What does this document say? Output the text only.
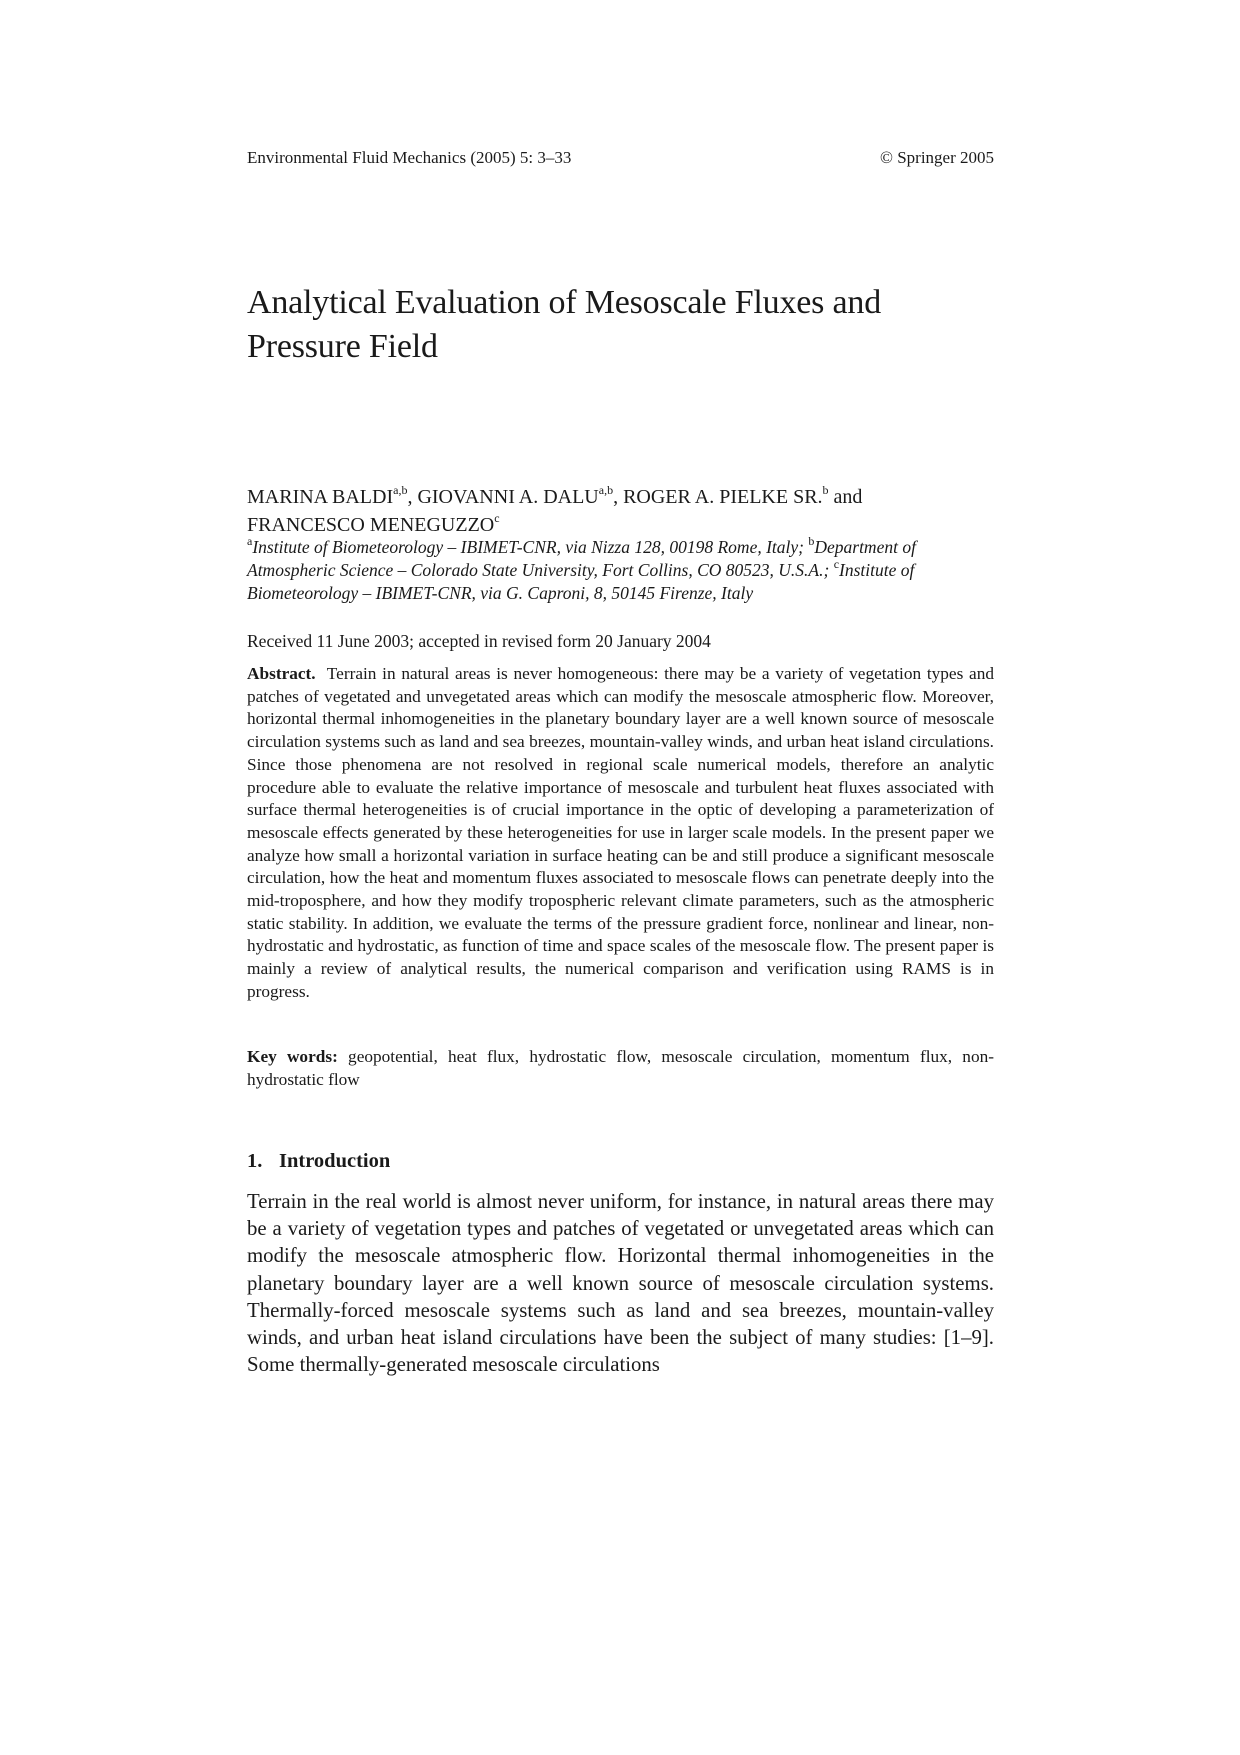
Environmental Fluid Mechanics (2005) 5: 3–33	© Springer 2005
Analytical Evaluation of Mesoscale Fluxes and
Pressure Field
MARINA BALDI$^{a,b}$, GIOVANNI A. DALU$^{a,b}$, ROGER A. PIELKE SR.$^b$ and
FRANCESCO MENEGUZZO$^c$
$^a$Institute of Biometeorology – IBIMET-CNR, via Nizza 128, 00198 Rome, Italy; $^b$Department of Atmospheric Science – Colorado State University, Fort Collins, CO 80523, U.S.A.; $^c$Institute of Biometeorology – IBIMET-CNR, via G. Caproni, 8, 50145 Firenze, Italy
Received 11 June 2003; accepted in revised form 20 January 2004

Abstract. Terrain in natural areas is never homogeneous: there may be a variety of vegetation types and patches of vegetated and unvegetated areas which can modify the mesoscale atmospheric flow. Moreover, horizontal thermal inhomogeneities in the planetary boundary layer are a well known source of mesoscale circulation systems such as land and sea breezes, mountain-valley winds, and urban heat island circulations. Since those phenomena are not resolved in regional scale numerical models, therefore an analytic procedure able to evaluate the relative importance of mesoscale and turbulent heat fluxes associated with surface thermal heterogeneities is of crucial importance in the optic of developing a parameterization of mesoscale effects generated by these heterogeneities for use in larger scale models. In the present paper we analyze how small a horizontal variation in surface heating can be and still produce a significant mesoscale circulation, how the heat and momentum fluxes associated to mesoscale flows can penetrate deeply into the mid-troposphere, and how they modify tropospheric relevant climate parameters, such as the atmospheric static stability. In addition, we evaluate the terms of the pressure gradient force, nonlinear and linear, non-hydrostatic and hydrostatic, as function of time and space scales of the mesoscale flow. The present paper is mainly a review of analytical results, the numerical comparison and verification using RAMS is in progress.

Key words: geopotential, heat flux, hydrostatic flow, mesoscale circulation, momentum flux, non-hydrostatic flow

1. Introduction

Terrain in the real world is almost never uniform, for instance, in natural areas there may be a variety of vegetation types and patches of vegetated or unvegetated areas which can modify the mesoscale atmospheric flow. Horizontal thermal inhomogeneities in the planetary boundary layer are a well known source of mesoscale circulation systems. Thermally-forced mesoscale systems such as land and sea breezes, mountain-valley winds, and urban heat island circulations have been the subject of many studies: [1–9]. Some thermally-generated mesoscale circulations
